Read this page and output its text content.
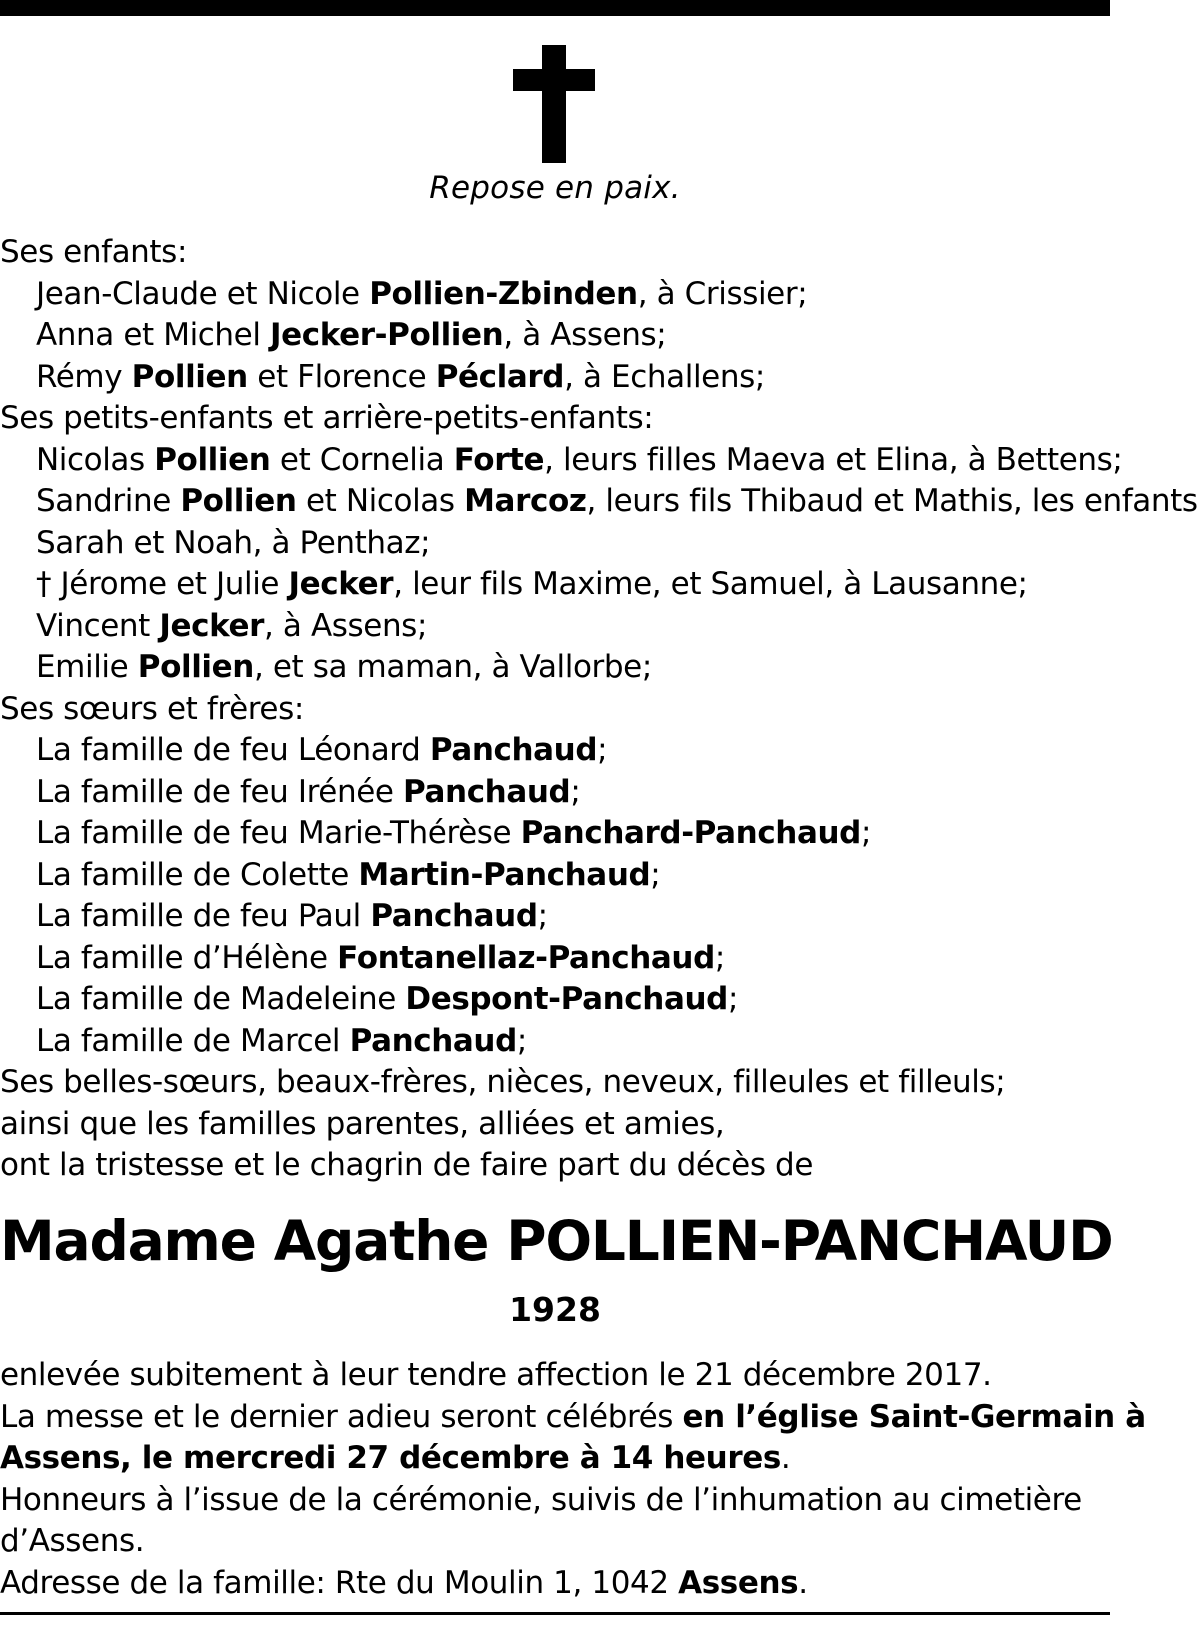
Repose en paix.
Ses enfants:
Jean-Claude et Nicole Pollien-Zbinden, à Crissier;
Anna et Michel Jecker-Pollien, à Assens;
Rémy Pollien et Florence Péclard, à Echallens;
Ses petits-enfants et arrière-petits-enfants:
Nicolas Pollien et Cornelia Forte, leurs filles Maeva et Elina, à Bettens;
Sandrine Pollien et Nicolas Marcoz, leurs fils Thibaud et Mathis, les enfants
Sarah et Noah, à Penthaz;
† Jérome et Julie Jecker, leur fils Maxime, et Samuel, à Lausanne;
Vincent Jecker, à Assens;
Emilie Pollien, et sa maman, à Vallorbe;
Ses sœurs et frères:
La famille de feu Léonard Panchaud;
La famille de feu Irénée Panchaud;
La famille de feu Marie-Thérèse Panchard-Panchaud;
La famille de Colette Martin-Panchaud;
La famille de feu Paul Panchaud;
La famille d’Hélène Fontanellaz-Panchaud;
La famille de Madeleine Despont-Panchaud;
La famille de Marcel Panchaud;
Ses belles-sœurs, beaux-frères, nièces, neveux, filleules et filleuls;
ainsi que les familles parentes, alliées et amies,
ont la tristesse et le chagrin de faire part du décès de
Madame Agathe POLLIEN-PANCHAUD
1928
enlevée subitement à leur tendre affection le 21 décembre 2017.
La messe et le dernier adieu seront célébrés en l’église Saint-Germain à
Assens, le mercredi 27 décembre à 14 heures.
Honneurs à l’issue de la cérémonie, suivis de l’inhumation au cimetière
d’Assens.
Adresse de la famille: Rte du Moulin 1, 1042 Assens.
